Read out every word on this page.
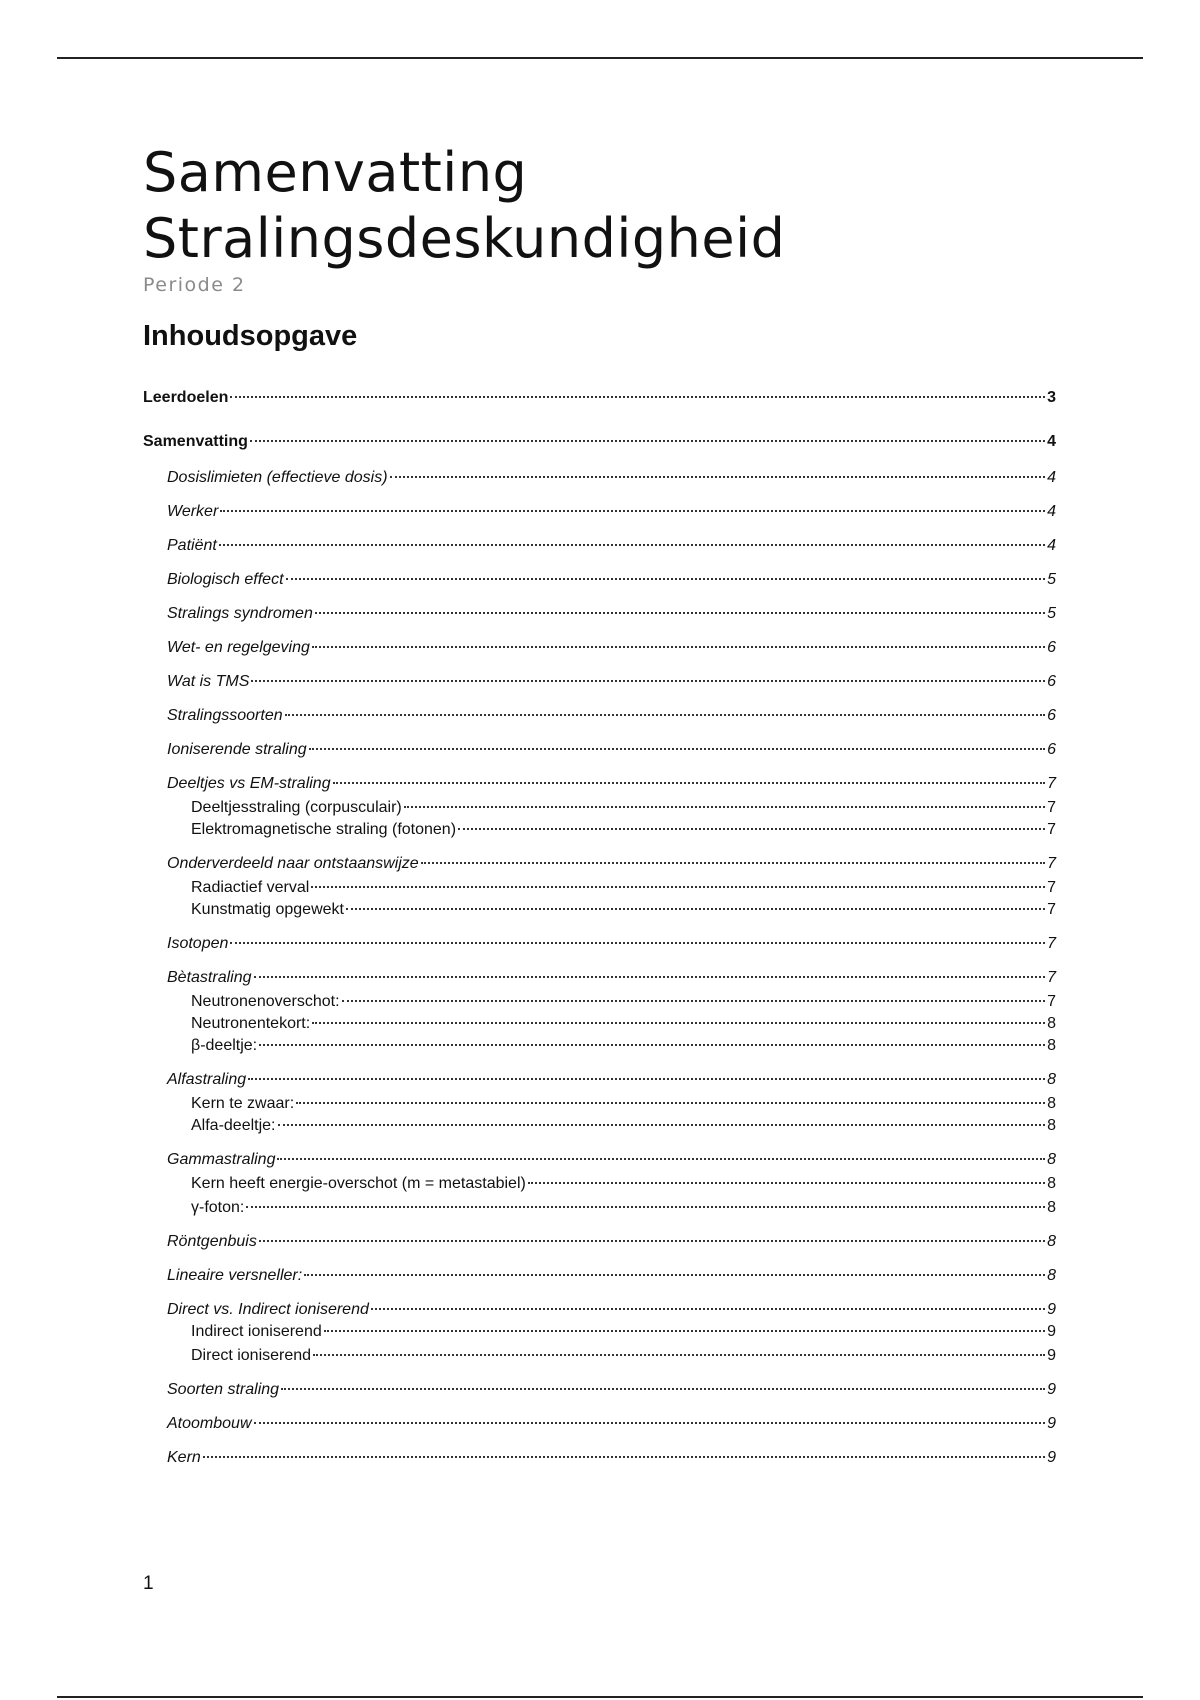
Samenvatting
Stralingsdeskundigheid
Periode 2
Inhoudsopgave
Leerdoelen	3
Samenvatting	4
Dosislimieten (effectieve dosis)	4
Werker	4
Patiënt	4
Biologisch effect	5
Stralings syndromen	5
Wet- en regelgeving	6
Wat is TMS	6
Stralingssoorten	6
Ioniserende straling	6
Deeltjes vs EM-straling	7
Deeltjesstraling (corpusculair)	7
Elektromagnetische straling (fotonen)	7
Onderverdeeld naar ontstaanswijze	7
Radiactief verval	7
Kunstmatig opgewekt	7
Isotopen	7
Bètastraling	7
Neutronenoverschot:	7
Neutronentekort:	8
β-deeltje:	8
Alfastraling	8
Kern te zwaar:	8
Alfa-deeltje:	8
Gammastraling	8
Kern heeft energie-overschot (m = metastabiel)	8
γ-foton:	8
Röntgenbuis	8
Lineaire versneller:	8
Direct vs. Indirect ioniserend	9
Indirect ioniserend	9
Direct ioniserend	9
Soorten straling	9
Atoombouw	9
Kern	9
1
